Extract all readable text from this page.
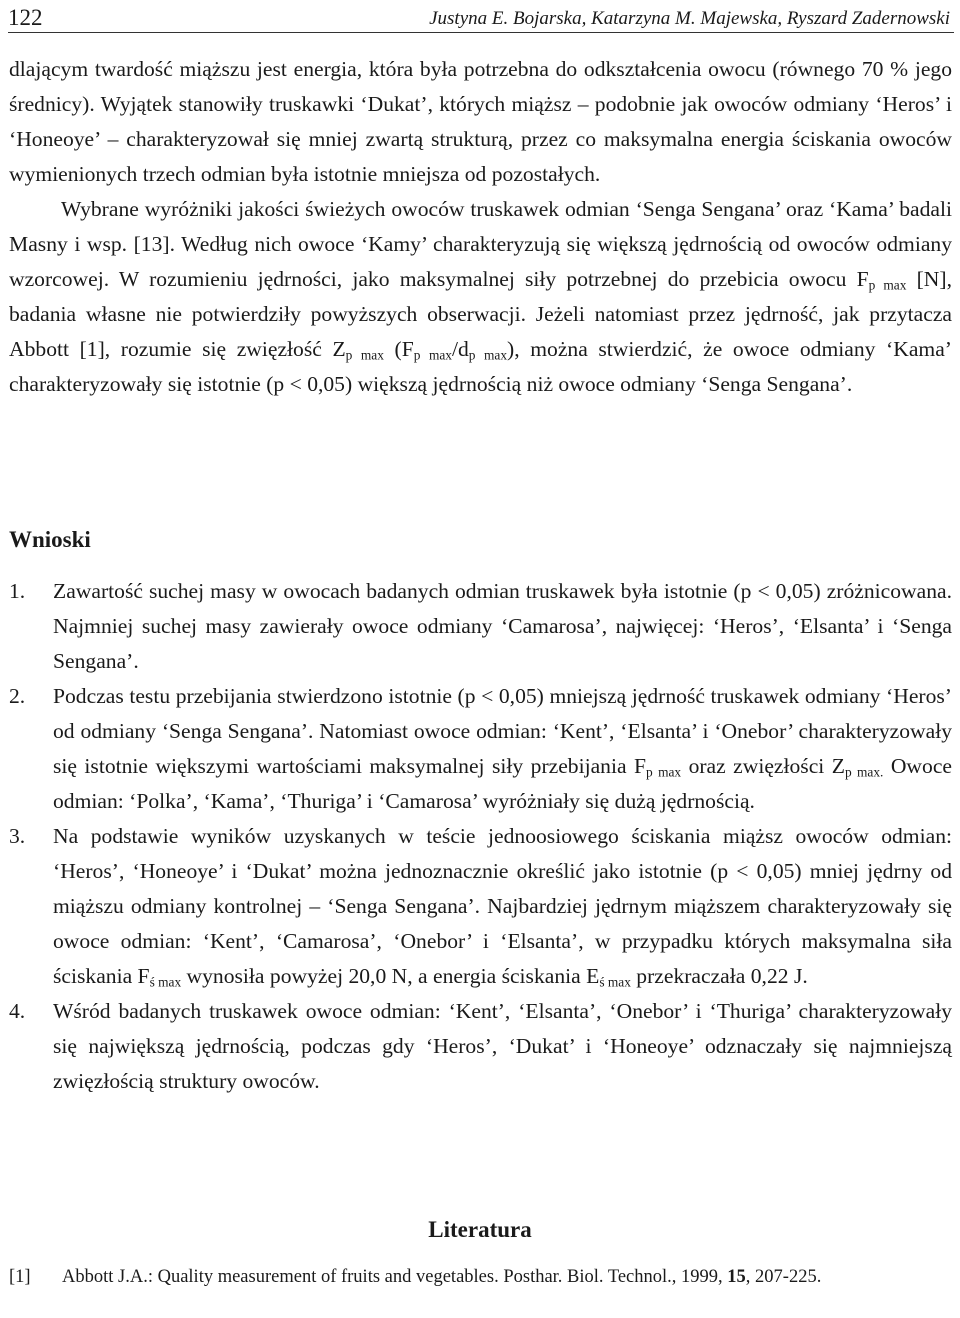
122	Justyna E. Bojarska, Katarzyna M. Majewska, Ryszard Zadernowski

dlającym twardość miąższu jest energia, która była potrzebna do odkształcenia owocu (równego 70 % jego średnicy). Wyjątek stanowiły truskawki ‘Dukat’, których miąższ – podobnie jak owoców odmiany ‘Heros’ i ‘Honeoye’ – charakteryzował się mniej zwartą strukturą, przez co maksymalna energia ściskania owoców wymienionych trzech odmian była istotnie mniejsza od pozostałych.

Wybrane wyróżniki jakości świeżych owoców truskawek odmian ‘Senga Sengana’ oraz ‘Kama’ badali Masny i wsp. [13]. Według nich owoce ‘Kamy’ charakteryzują się większą jędrnością od owoców odmiany wzorcowej. W rozumieniu jędrności, jako maksymalnej siły potrzebnej do przebicia owocu $F_{p max}$ [N], badania własne nie potwierdziły powyższych obserwacji. Jeżeli natomiast przez jędrność, jak przytacza Abbott [1], rozumie się zwięzłość $Z_{p max}$ $(F_{p max}/d_{p max})$, można stwierdzić, że owoce odmiany ‘Kama’ charakteryzowały się istotnie (p < 0,05) większą jędrnością niż owoce odmiany ‘Senga Sengana’.

Wnioski
1. Zawartość suchej masy w owocach badanych odmian truskawek była istotnie (p < 0,05) zróżnicowana. Najmniej suchej masy zawierały owoce odmiany ‘Camarosa’, najwięcej: ‘Heros’, ‘Elsanta’ i ‘Senga Sengana’.
2. Podczas testu przebijania stwierdzono istotnie (p < 0,05) mniejszą jędrność truskawek odmiany ‘Heros’ od odmiany ‘Senga Sengana’. Natomiast owoce odmian: ‘Kent’, ‘Elsanta’ i ‘Onebor’ charakteryzowały się istotnie większymi wartościami maksymalnej siły przebijania $F_{p max}$ oraz zwięzłości $Z_{p max.}$ Owoce odmian: ‘Polka’, ‘Kama’, ‘Thuriga’ i ‘Camarosa’ wyróżniały się dużą jędrnością.
3. Na podstawie wyników uzyskanych w teście jednoosiowego ściskania miąższ owoców odmian: ‘Heros’, ‘Honeoye’ i ‘Dukat’ można jednoznacznie określić jako istotnie (p < 0,05) mniej jędrny od miąższu odmiany kontrolnej – ‘Senga Sengana’. Najbardziej jędrnym miąższem charakteryzowały się owoce odmian: ‘Kent’, ‘Camarosa’, ‘Onebor’ i ‘Elsanta’, w przypadku których maksymalna siła ściskania $F_{ś max}$ wynosiła powyżej 20,0 N, a energia ściskania $E_{ś max}$ przekraczała 0,22 J.
4. Wśród badanych truskawek owoce odmian: ‘Kent’, ‘Elsanta’, ‘Onebor’ i ‘Thuriga’ charakteryzowały się największą jędrnością, podczas gdy ‘Heros’, ‘Dukat’ i ‘Honeoye’ odznaczały się najmniejszą zwięzłością struktury owoców.
Literatura
[1] Abbott J.A.: Quality measurement of fruits and vegetables. Posthar. Biol. Technol., 1999, 15, 207-225.
